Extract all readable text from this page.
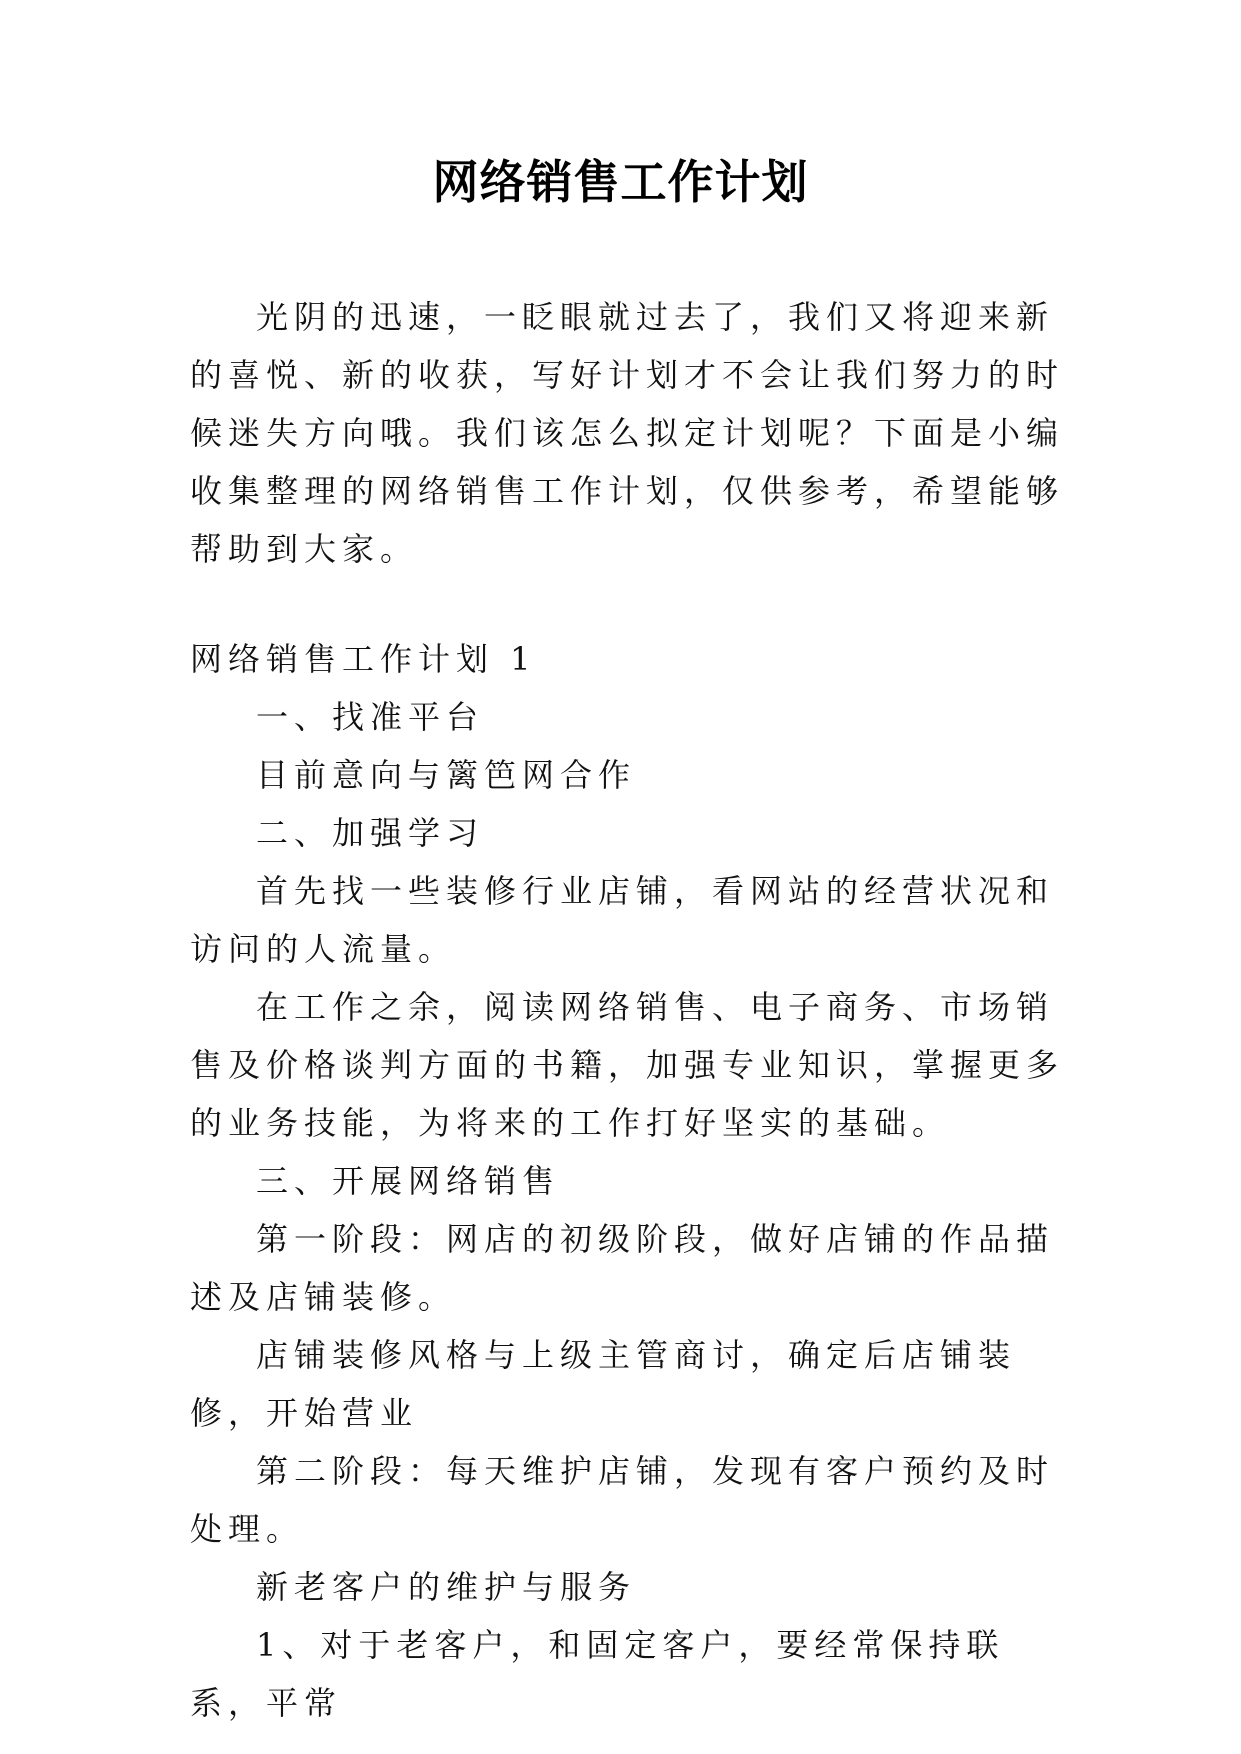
网络销售工作计划

光阴的迅速，一眨眼就过去了，我们又将迎来新的喜悦、新的收获，写好计划才不会让我们努力的时候迷失方向哦。我们该怎么拟定计划呢？下面是小编收集整理的网络销售工作计划，仅供参考，希望能够帮助到大家。

网络销售工作计划 1

一、找准平台

目前意向与篱笆网合作

二、加强学习

首先找一些装修行业店铺，看网站的经营状况和访问的人流量。

在工作之余，阅读网络销售、电子商务、市场销售及价格谈判方面的书籍，加强专业知识，掌握更多的业务技能，为将来的工作打好坚实的基础。

三、开展网络销售

第一阶段：网店的初级阶段，做好店铺的作品描述及店铺装修。

店铺装修风格与上级主管商讨，确定后店铺装修，开始营业

第二阶段：每天维护店铺，发现有客户预约及时处理。

新老客户的维护与服务

1、对于老客户，和固定客户，要经常保持联系，平常
